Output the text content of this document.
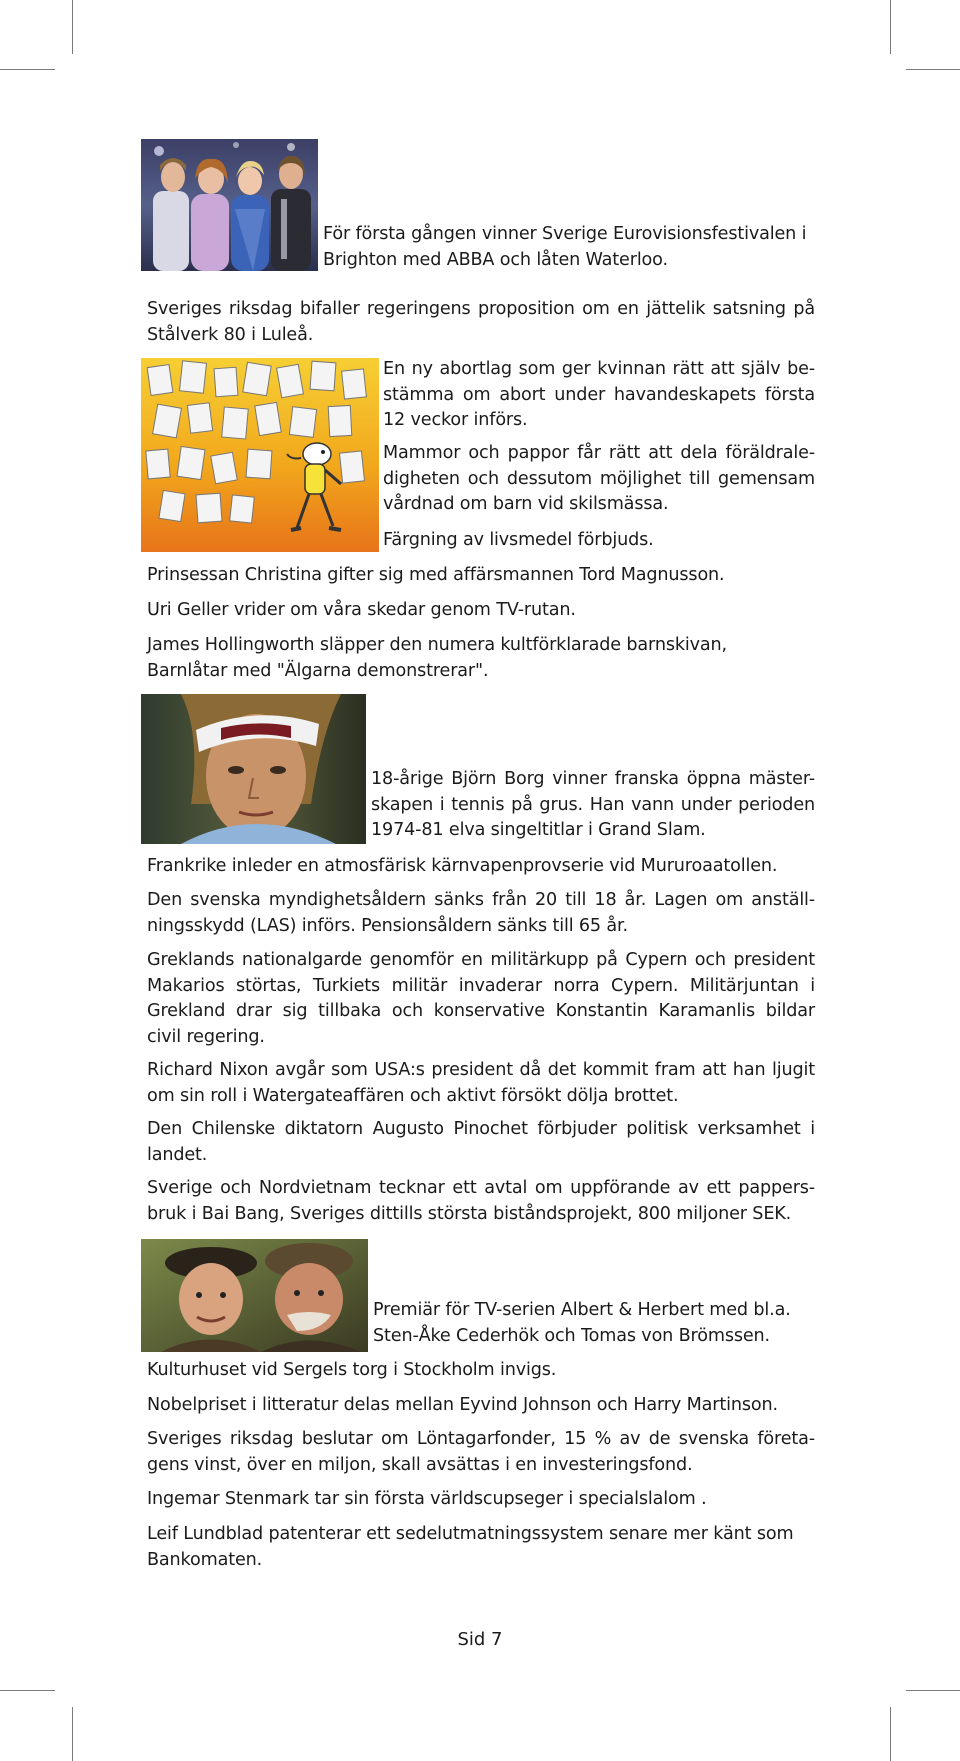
För första gången vinner Sverige Eurovisionsfestivalen i
Brighton med ABBA och låten Waterloo.

Sveriges riksdag bifaller regeringens proposition om en jättelik satsning på
Stålverk 80 i Luleå.

En ny abortlag som ger kvinnan rätt att själv be-
stämma om abort under havandeskapets första
12 veckor införs.

Mammor och pappor får rätt att dela föräldrale-
digheten och dessutom möjlighet till gemensam
vårdnad om barn vid skilsmässa.

Färgning av livsmedel förbjuds.

Prinsessan Christina gifter sig med affärsmannen Tord Magnusson.

Uri Geller vrider om våra skedar genom TV-rutan.

James Hollingworth släpper den numera kultförklarade barnskivan,
Barnlåtar med "Älgarna demonstrerar".

18-årige Björn Borg vinner franska öppna mäster-
skapen i tennis på grus. Han vann under perioden
1974-81 elva singeltitlar i Grand Slam.

Frankrike inleder en atmosfärisk kärnvapenprovserie vid Mururoaatollen.

Den svenska myndighetsåldern sänks från 20 till 18 år. Lagen om anställ-
ningsskydd (LAS) införs. Pensionsåldern sänks till 65 år.

Greklands nationalgarde genomför en militärkupp på Cypern och president
Makarios störtas, Turkiets militär invaderar norra Cypern. Militärjuntan i
Grekland drar sig tillbaka och konservative Konstantin Karamanlis bildar
civil regering.

Richard Nixon avgår som USA:s president då det kommit fram att han ljugit
om sin roll i Watergateaffären och aktivt försökt dölja brottet.

Den Chilenske diktatorn Augusto Pinochet förbjuder politisk verksamhet i
landet.

Sverige och Nordvietnam tecknar ett avtal om uppförande av ett pappers-
bruk i Bai Bang, Sveriges dittills största biståndsprojekt, 800 miljoner SEK.

Premiär för TV-serien Albert & Herbert med bl.a.
Sten-Åke Cederhök och Tomas von Brömssen.

Kulturhuset vid Sergels torg i Stockholm invigs.

Nobelpriset i litteratur delas mellan Eyvind Johnson och Harry Martinson.

Sveriges riksdag beslutar om Löntagarfonder, 15 % av de svenska företa-
gens vinst, över en miljon, skall avsättas i en investeringsfond.

Ingemar Stenmark tar sin första världscupseger i specialslalom .

Leif Lundblad patenterar ett sedelutmatningssystem senare mer känt som
Bankomaten.

Sid 7
